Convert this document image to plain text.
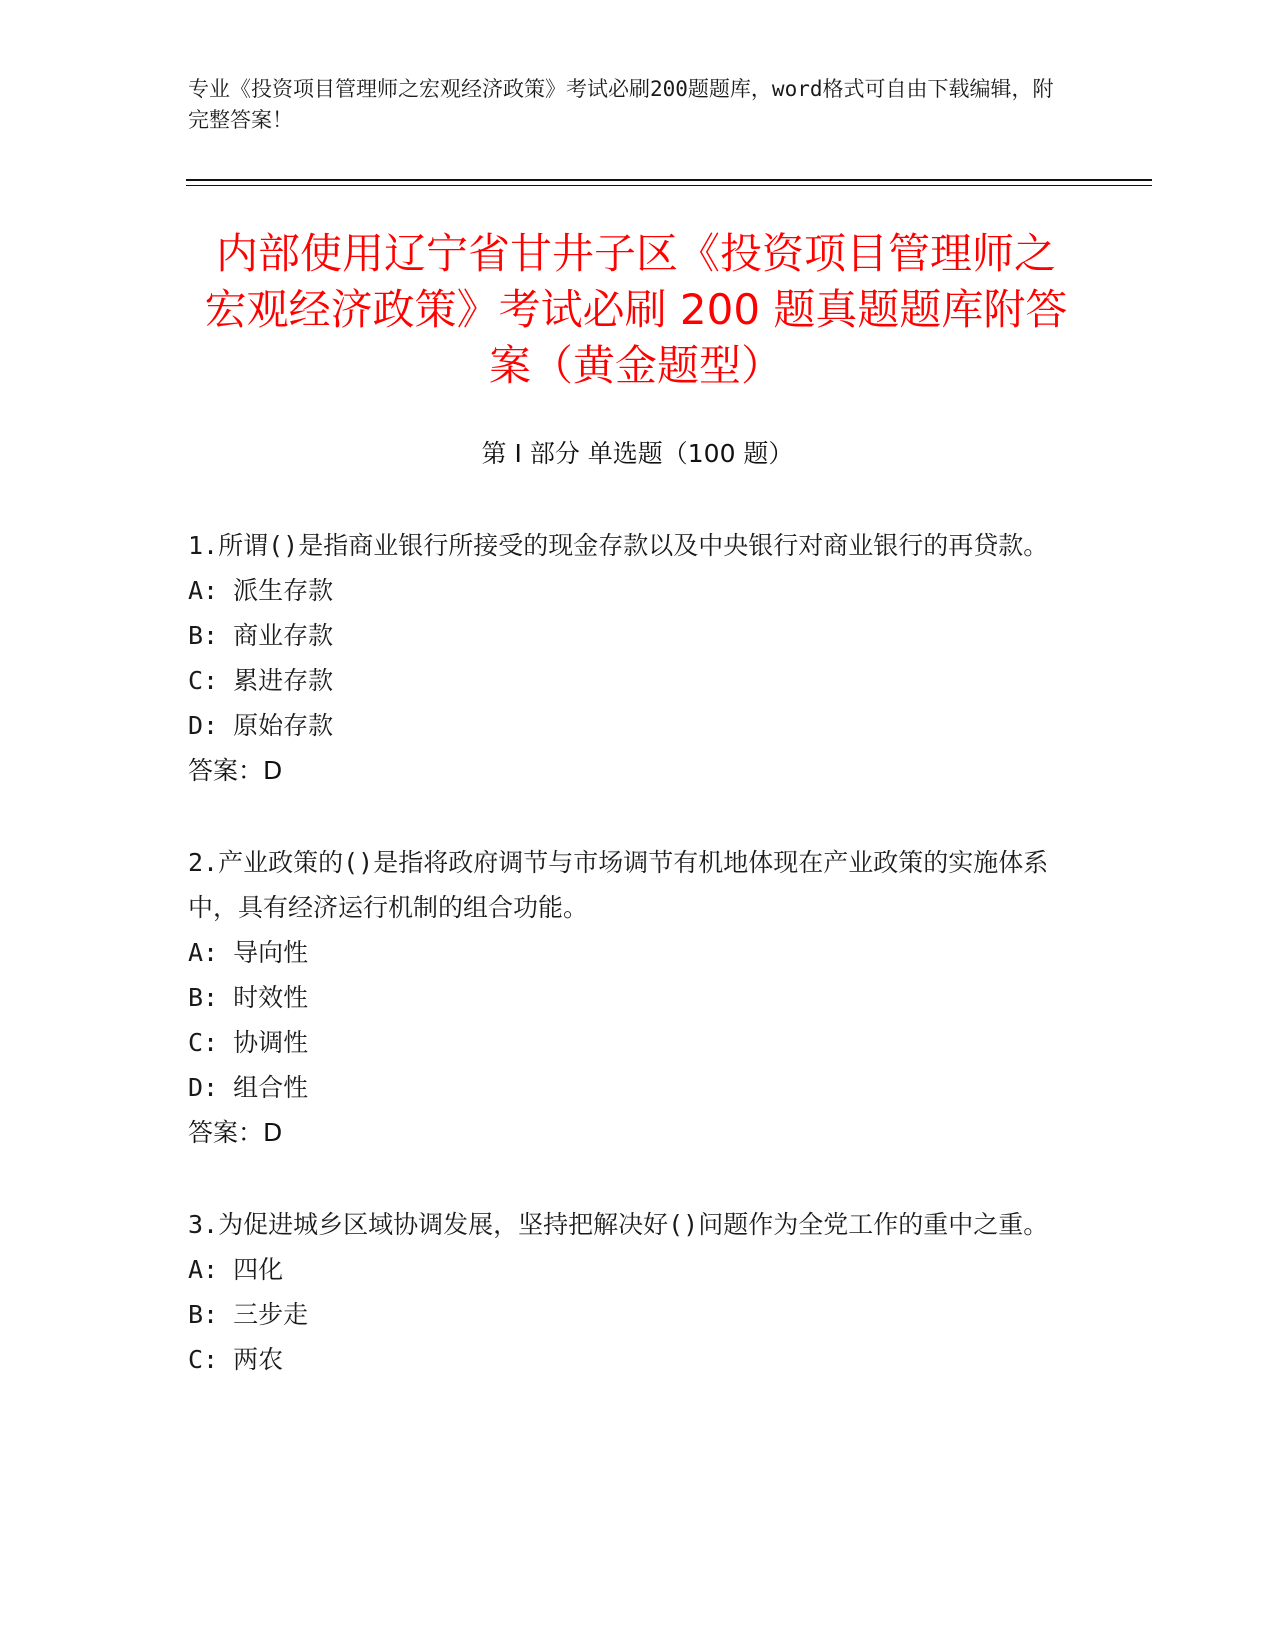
专业《投资项目管理师之宏观经济政策》考试必刷200题题库，word格式可自由下载编辑，附完整答案！
内部使用辽宁省甘井子区《投资项目管理师之宏观经济政策》考试必刷 200 题真题题库附答案（黄金题型）
第 I 部分 单选题（100 题）

1.所谓()是指商业银行所接受的现金存款以及中央银行对商业银行的再贷款。

A: 派生存款

B: 商业存款

C: 累进存款

D: 原始存款

答案：D

2.产业政策的()是指将政府调节与市场调节有机地体现在产业政策的实施体系中，具有经济运行机制的组合功能。

A: 导向性

B: 时效性

C: 协调性

D: 组合性

答案：D

3.为促进城乡区域协调发展，坚持把解决好()问题作为全党工作的重中之重。

A: 四化

B: 三步走

C: 两农
